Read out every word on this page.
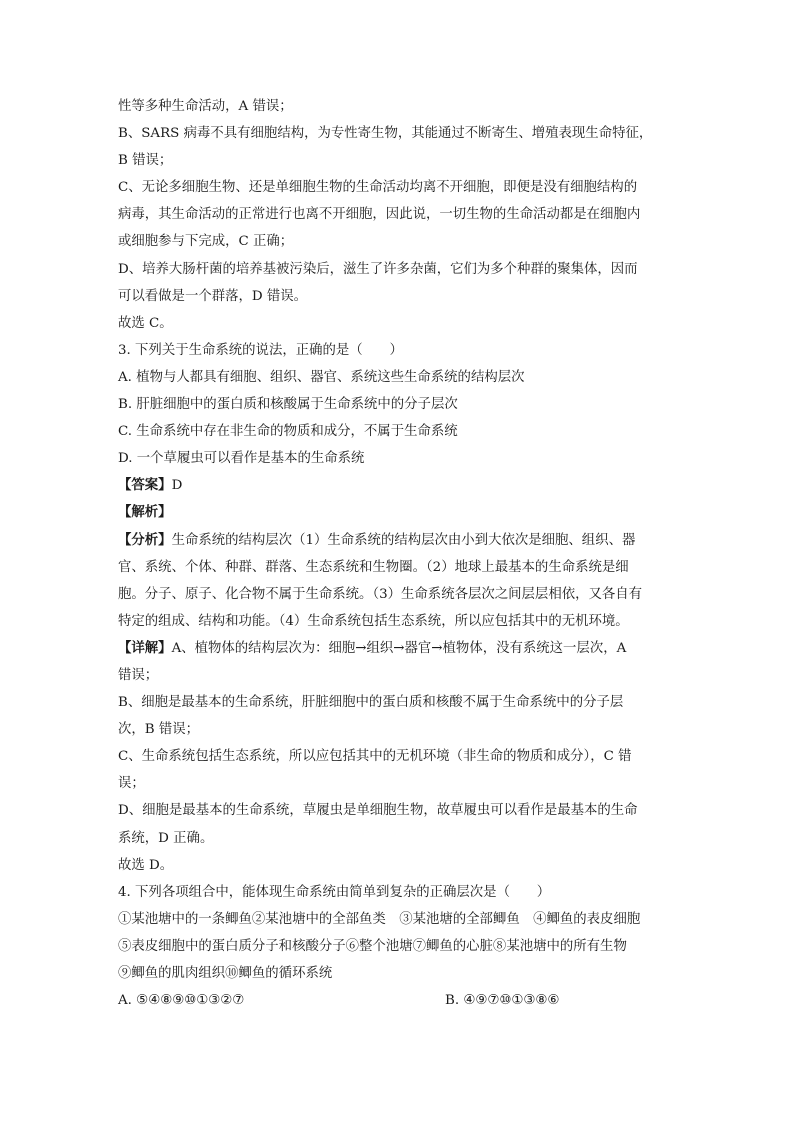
性等多种生命活动，A 错误；
B、SARS 病毒不具有细胞结构，为专性寄生物，其能通过不断寄生、增殖表现生命特征，
B 错误；
C、无论多细胞生物、还是单细胞生物的生命活动均离不开细胞，即便是没有细胞结构的
病毒，其生命活动的正常进行也离不开细胞，因此说，一切生物的生命活动都是在细胞内
或细胞参与下完成，C 正确；
D、培养大肠杆菌的培养基被污染后，滋生了许多杂菌，它们为多个种群的聚集体，因而
可以看做是一个群落，D 错误。
故选 C。
3. 下列关于生命系统的说法，正确的是（　　）
A. 植物与人都具有细胞、组织、器官、系统这些生命系统的结构层次
B. 肝脏细胞中的蛋白质和核酸属于生命系统中的分子层次
C. 生命系统中存在非生命的物质和成分，不属于生命系统
D. 一个草履虫可以看作是基本的生命系统
【答案】D
【解析】
【分析】生命系统的结构层次（1）生命系统的结构层次由小到大依次是细胞、组织、器
官、系统、个体、种群、群落、生态系统和生物圈。（2）地球上最基本的生命系统是细
胞。分子、原子、化合物不属于生命系统。（3）生命系统各层次之间层层相依，又各自有
特定的组成、结构和功能。（4）生命系统包括生态系统，所以应包括其中的无机环境。
【详解】A、植物体的结构层次为：细胞→组织→器官→植物体，没有系统这一层次，A
错误；
B、细胞是最基本的生命系统，肝脏细胞中的蛋白质和核酸不属于生命系统中的分子层
次，B 错误；
C、生命系统包括生态系统，所以应包括其中的无机环境（非生命的物质和成分），C 错
误；
D、细胞是最基本的生命系统，草履虫是单细胞生物，故草履虫可以看作是最基本的生命
系统，D 正确。
故选 D。
4. 下列各项组合中，能体现生命系统由简单到复杂的正确层次是（　　）
①某池塘中的一条鲫鱼②某池塘中的全部鱼类　③某池塘的全部鲫鱼　④鲫鱼的表皮细胞
⑤表皮细胞中的蛋白质分子和核酸分子⑥整个池塘⑦鲫鱼的心脏⑧某池塘中的所有生物
⑨鲫鱼的肌肉组织⑩鲫鱼的循环系统
A. ⑤④⑧⑨⑩①③②⑦	B. ④⑨⑦⑩①③⑧⑥
